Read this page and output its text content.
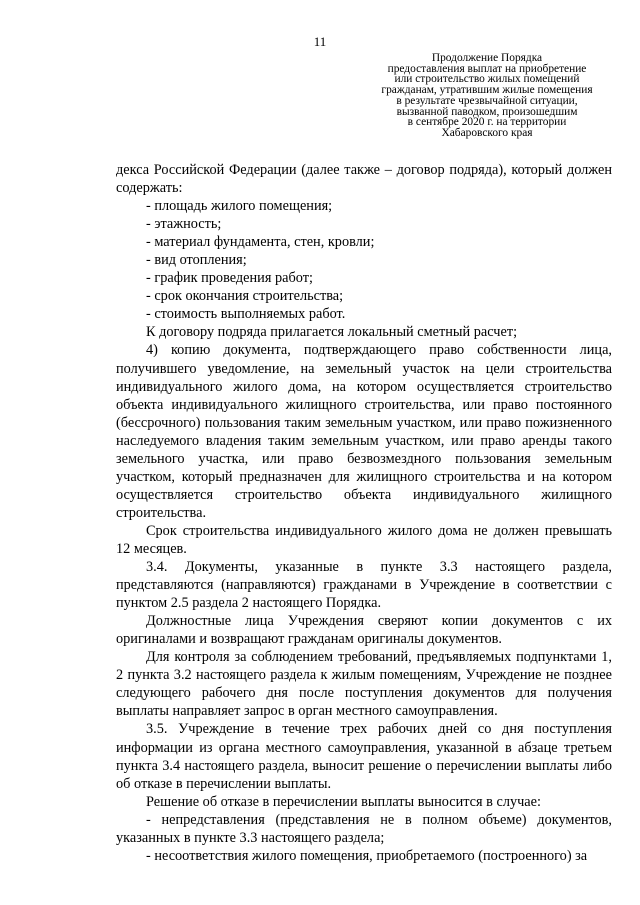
11
Продолжение Порядка
предоставления выплат на приобретение
или строительство жилых помещений
гражданам, утратившим жилые помещения
в результате чрезвычайной ситуации,
вызванной паводком, произошедшим
в сентябре 2020 г. на территории
Хабаровского края

декса Российской Федерации (далее также – договор подряда), который должен содержать:

- площадь жилого помещения;

- этажность;

- материал фундамента, стен, кровли;

- вид отопления;

- график проведения работ;

- срок окончания строительства;

- стоимость выполняемых работ.

К договору подряда прилагается локальный сметный расчет;

4) копию документа, подтверждающего право собственности лица, получившего уведомление, на земельный участок на цели строительства индивидуального жилого дома, на котором осуществляется строительство объекта индивидуального жилищного строительства, или право постоянного (бессрочного) пользования таким земельным участком, или право пожизненного наследуемого владения таким земельным участком, или право аренды такого земельного участка, или право безвозмездного пользования земельным участком, который предназначен для жилищного строительства и на котором осуществляется строительство объекта индивидуального жилищного строительства.

Срок строительства индивидуального жилого дома не должен превышать 12 месяцев.

3.4. Документы, указанные в пункте 3.3 настоящего раздела, представляются (направляются) гражданами в Учреждение в соответствии с пунктом 2.5 раздела 2 настоящего Порядка.

Должностные лица Учреждения сверяют копии документов с их оригиналами и возвращают гражданам оригиналы документов.

Для контроля за соблюдением требований, предъявляемых подпунктами 1, 2 пункта 3.2 настоящего раздела к жилым помещениям, Учреждение не позднее следующего рабочего дня после поступления документов для получения выплаты направляет запрос в орган местного самоуправления.

3.5. Учреждение в течение трех рабочих дней со дня поступления информации из органа местного самоуправления, указанной в абзаце третьем пункта 3.4 настоящего раздела, выносит решение о перечислении выплаты либо об отказе в перечислении выплаты.

Решение об отказе в перечислении выплаты выносится в случае:

- непредставления (представления не в полном объеме) документов, указанных в пункте 3.3 настоящего раздела;

- несоответствия жилого помещения, приобретаемого (построенного) за
